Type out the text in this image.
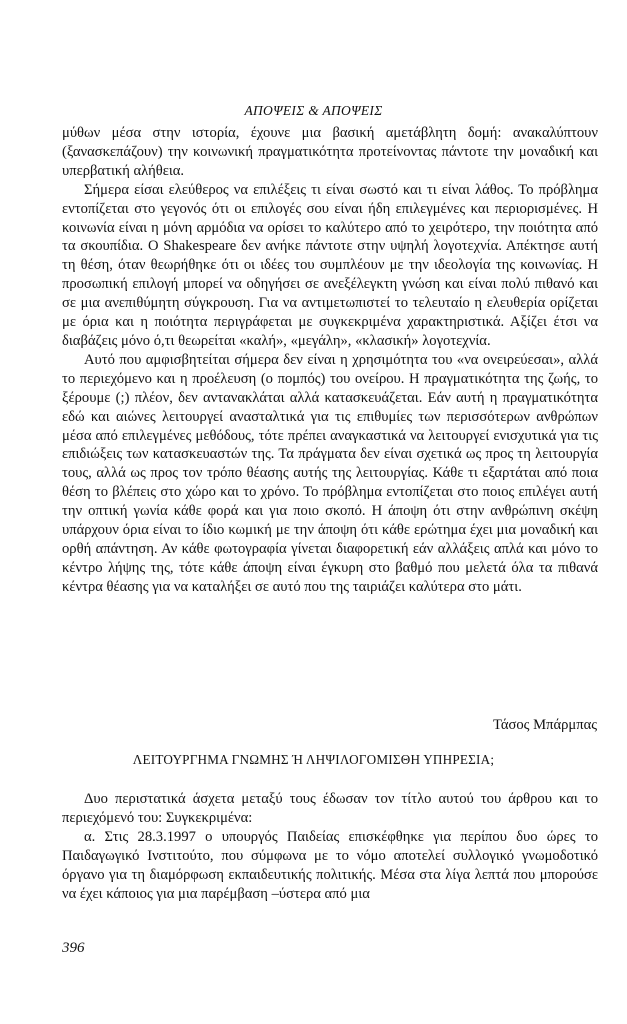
ΑΠΟΨΕΙΣ & ΑΠΟΨΕΙΣ

μύθων μέσα στην ιστορία, έχουνε μια βασική αμετάβλητη δομή: ανακαλύπτουν (ξανασκεπάζουν) την κοινωνική πραγματικότητα προτείνοντας πάντοτε την μοναδική και υπερβατική αλήθεια.

Σήμερα είσαι ελεύθερος να επιλέξεις τι είναι σωστό και τι είναι λάθος. Το πρόβλημα εντοπίζεται στο γεγονός ότι οι επιλογές σου είναι ήδη επιλεγμένες και περιορισμένες. Η κοινωνία είναι η μόνη αρμόδια να ορίσει το καλύτερο από το χειρότερο, την ποιότητα από τα σκουπίδια. Ο Shakespeare δεν ανήκε πάντοτε στην υψηλή λογοτεχνία. Απέκτησε αυτή τη θέση, όταν θεωρήθηκε ότι οι ιδέες του συμπλέουν με την ιδεολογία της κοινωνίας. Η προσωπική επιλογή μπορεί να οδηγήσει σε ανεξέλεγκτη γνώση και είναι πολύ πιθανό και σε μια ανεπιθύμητη σύγκρουση. Για να αντιμετωπιστεί το τελευταίο η ελευθερία ορίζεται με όρια και η ποιότητα περιγράφεται με συγκεκριμένα χαρακτηριστικά. Αξίζει έτσι να διαβάζεις μόνο ό,τι θεωρείται «καλή», «μεγάλη», «κλασική» λογοτεχνία.

Αυτό που αμφισβητείται σήμερα δεν είναι η χρησιμότητα του «να ονειρεύεσαι», αλλά το περιεχόμενο και η προέλευση (ο πομπός) του ονείρου. Η πραγματικότητα της ζωής, το ξέρουμε (;) πλέον, δεν αντανακλάται αλλά κατασκευάζεται. Εάν αυτή η πραγματικότητα εδώ και αιώνες λειτουργεί ανασταλτικά για τις επιθυμίες των περισσότερων ανθρώπων μέσα από επιλεγμένες μεθόδους, τότε πρέπει αναγκαστικά να λειτουργεί ενισχυτικά για τις επιδιώξεις των κατασκευαστών της. Τα πράγματα δεν είναι σχετικά ως προς τη λειτουργία τους, αλλά ως προς τον τρόπο θέασης αυτής της λειτουργίας. Κάθε τι εξαρτάται από ποια θέση το βλέπεις στο χώρο και το χρόνο. Το πρόβλημα εντοπίζεται στο ποιος επιλέγει αυτή την οπτική γωνία κάθε φορά και για ποιο σκοπό. Η άποψη ότι στην ανθρώπινη σκέψη υπάρχουν όρια είναι το ίδιο κωμική με την άποψη ότι κάθε ερώτημα έχει μια μοναδική και ορθή απάντηση. Αν κάθε φωτογραφία γίνεται διαφορετική εάν αλλάξεις απλά και μόνο το κέντρο λήψης της, τότε κάθε άποψη είναι έγκυρη στο βαθμό που μελετά όλα τα πιθανά κέντρα θέασης για να καταλήξει σε αυτό που της ταιριάζει καλύτερα στο μάτι.

Τάσος Μπάρμπας
ΛΕΙΤΟΥΡΓΗΜΑ ΓΝΩΜΗΣ Ή ΛΗΨΙΛΟΓΟΜΙΣΘΗ ΥΠΗΡΕΣΙΑ;

Δυο περιστατικά άσχετα μεταξύ τους έδωσαν τον τίτλο αυτού του άρθρου και το περιεχόμενό του: Συγκεκριμένα:

α. Στις 28.3.1997 ο υπουργός Παιδείας επισκέφθηκε για περίπου δυο ώρες το Παιδαγωγικό Ινστιτούτο, που σύμφωνα με το νόμο αποτελεί συλλογικό γνωμοδοτικό όργανο για τη διαμόρφωση εκπαιδευτικής πολιτικής. Μέσα στα λίγα λεπτά που μπορούσε να έχει κάποιος για μια παρέμβαση –ύστερα από μια

396
